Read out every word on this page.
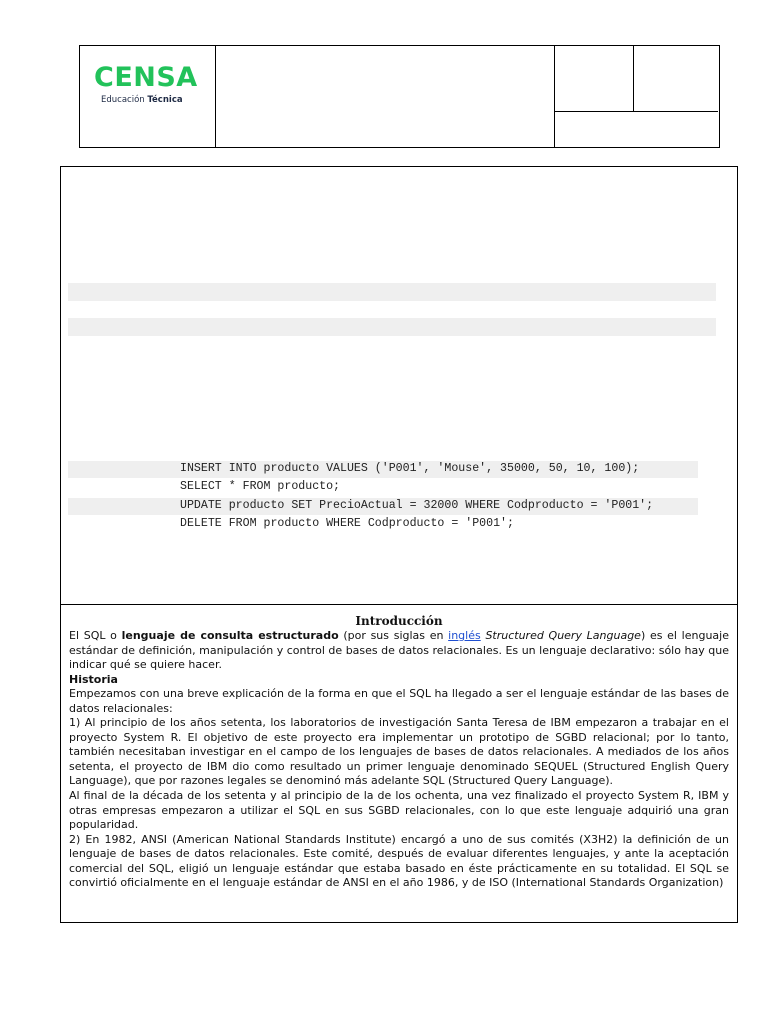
CENSA
Educación Técnica
INSERT INTO producto VALUES ('P001', 'Mouse', 35000, 50, 10, 100);
SELECT * FROM producto;
UPDATE producto SET PrecioActual = 32000 WHERE Codproducto = 'P001';
DELETE FROM producto WHERE Codproducto = 'P001';

Introducción

El SQL o lenguaje de consulta estructurado (por sus siglas en inglés Structured Query Language) es el lenguaje estándar de definición, manipulación y control de bases de datos relacionales. Es un lenguaje declarativo: sólo hay que indicar qué se quiere hacer.

Historia

Empezamos con una breve explicación de la forma en que el SQL ha llegado a ser el lenguaje estándar de las bases de datos relacionales:

1) Al principio de los años setenta, los laboratorios de investigación Santa Teresa de IBM empezaron a trabajar en el proyecto System R. El objetivo de este proyecto era implementar un prototipo de SGBD relacional; por lo tanto, también necesitaban investigar en el campo de los lenguajes de bases de datos relacionales. A mediados de los años setenta, el proyecto de IBM dio como resultado un primer lenguaje denominado SEQUEL (Structured English Query Language), que por razones legales se denominó más adelante SQL (Structured Query Language).

Al final de la década de los setenta y al principio de la de los ochenta, una vez finalizado el proyecto System R, IBM y otras empresas empezaron a utilizar el SQL en sus SGBD relacionales, con lo que este lenguaje adquirió una gran popularidad.

2) En 1982, ANSI (American National Standards Institute) encargó a uno de sus comités (X3H2) la definición de un lenguaje de bases de datos relacionales. Este comité, después de evaluar diferentes lenguajes, y ante la aceptación comercial del SQL, eligió un lenguaje estándar que estaba basado en éste prácticamente en su totalidad. El SQL se convirtió oficialmente en el lenguaje estándar de ANSI en el año 1986, y de ISO (International Standards Organization)
